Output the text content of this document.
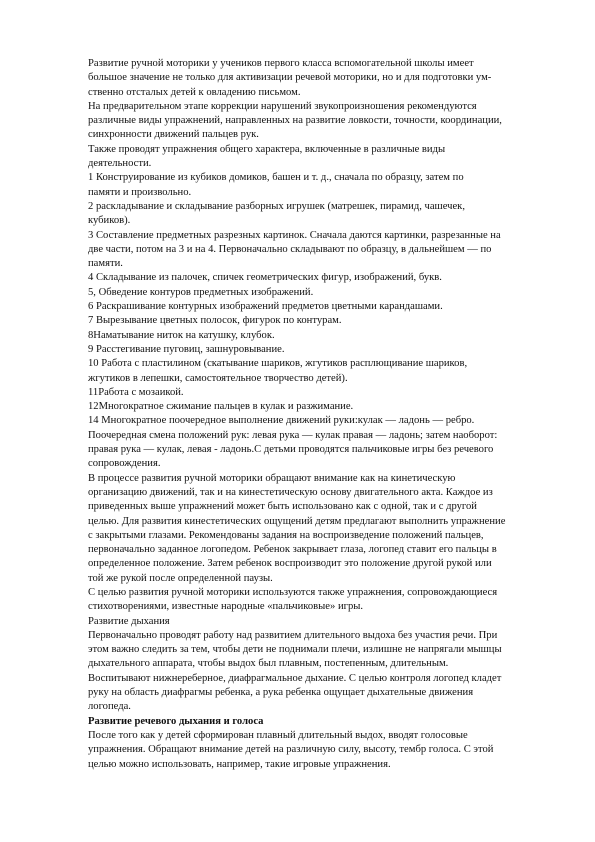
Развитие ручной моторики у учеников первого класса вспомогательной школы имеет

большое значение не только для активизации речевой моторики, но и для подготовки ум-

ственно отсталых детей к овладению письмом.

На предварительном этапе коррекции нарушений звукопроизношения рекомендуются

различные виды упражнений, направленных на развитие ловкости, точности, координации,

синхронности движений пальцев рук.

Также проводят упражнения общего характера, включенные в различные виды

деятельности.

1 Конструирование из кубиков домиков, башен и т. д., сначала по образцу, затем по

памяти и произвольно.

2 раскладывание и складывание разборных игрушек (матрешек, пирамид, чашечек,

кубиков).

3 Составление предметных разрезных картинок. Сначала даются картинки, разрезанные на

две части, потом на 3 и на 4. Первоначально складывают по образцу, в дальнейшем — по

памяти.

4 Складывание из палочек, спичек геометрических фигур, изображений, букв.

5, Обведение контуров предметных изображений.

6 Раскрашивание контурных изображений предметов цветными карандашами.

7 Вырезывание цветных полосок, фигурок по контурам.

8Наматывание ниток на катушку, клубок.

9 Расстегивание пуговиц, зашнуровывание.

10 Работа с пластилином (скатывание шариков, жгутиков расплющивание шариков,

жгутиков в лепешки, самостоятельное творчество детей).

11Работа с мозаикой.

12Многократное сжимание пальцев в кулак и разжимание.

14 Многократное поочередное выполнение движений руки:кулак — ладонь — ребро.

Поочередная смена положений рук: левая рука — кулак правая — ладонь; затем наоборот:

правая рука — кулак, левая - ладонь.С детьми проводятся пальчиковые игры без речевого

сопровождения.

В процессе развития ручной моторики обращают внимание как на кинетическую

организацию движений, так и на кинестетическую основу двигательного акта. Каждое из

приведенных выше упражнений может быть использовано как с одной, так и с другой

целью. Для развития кинестетических ощущений детям предлагают выполнить упражнение

с закрытыми глазами. Рекомендованы задания на воспроизведение положений пальцев,

первоначально заданное логопедом. Ребенок закрывает глаза, логопед ставит его пальцы в

определенное положение. Затем ребенок воспроизводит это положение другой рукой или

той же рукой после определенной паузы.

С целью развития ручной моторики используются также упражнения, сопровождающиеся

стихотворениями, известные народные «пальчиковые» игры.

Развитие дыхания

Первоначально проводят работу над развитием длительного выдоха без участия речи. При

этом важно следить за тем, чтобы дети не поднимали плечи, излишне не напрягали мышцы

дыхательного аппарата, чтобы выдох был плавным, постепенным, длительным.

Воспитывают нижнереберное, диафрагмальное дыхание. С целью контроля логопед кладет

руку на область диафрагмы ребенка, а рука ребенка ощущает дыхательные движения

логопеда.

Развитие речевого дыхания и голоса

После того как у детей сформирован плавный длительный выдох, вводят голосовые

упражнения. Обращают внимание детей на различную силу, высоту, тембр голоса. С этой

целью можно использовать, например, такие игровые упражнения.
